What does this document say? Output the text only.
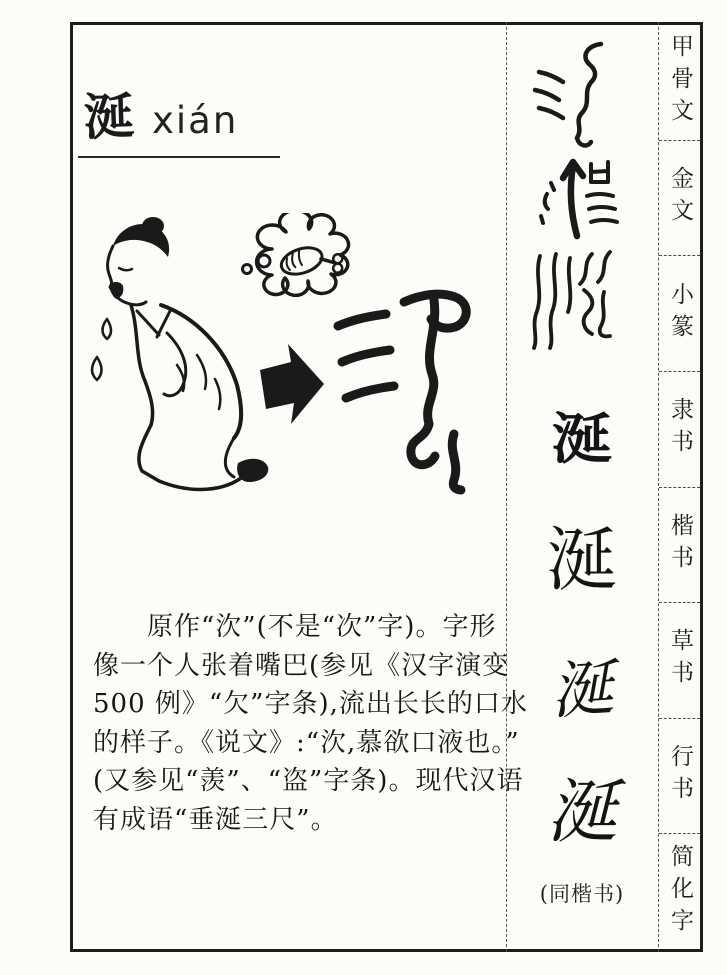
涎 xián
原作“㳄”(不是“次”字)。字形
像一个人张着嘴巴(参见《汉字演变
500 例》“欠”字条),流出长长的口水
的样子。《说文》:“㳄,慕欲口液也。”
(又参见“羡”、“盗”字条)。现代汉语
有成语“垂涎三尺”。
涎
涎
涎
涎
(同楷书)
甲骨文
金文
小篆
隶书
楷书
草书
行书
简化字
